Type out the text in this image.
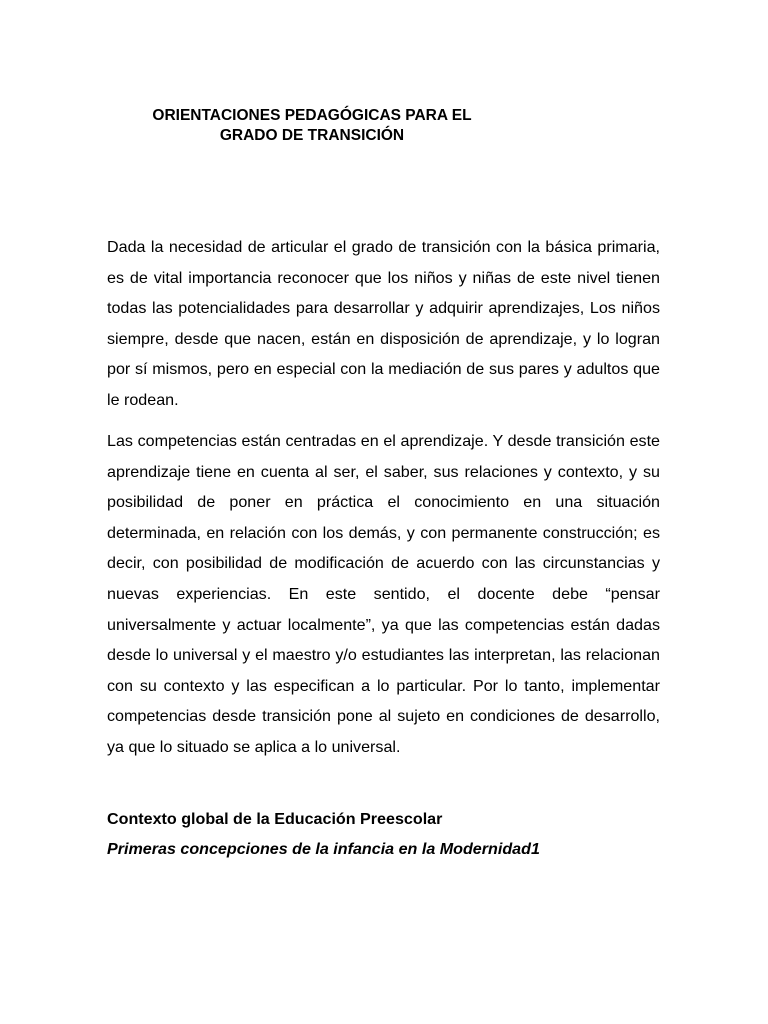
ORIENTACIONES PEDAGÓGICAS PARA EL
GRADO DE TRANSICIÓN

Dada la necesidad de articular el grado de transición con la básica primaria, es de vital importancia reconocer que los niños y niñas de este nivel tienen todas las potencialidades para desarrollar y adquirir aprendizajes, Los niños siempre, desde que nacen, están en disposición de aprendizaje, y lo logran por sí mismos, pero en especial con la mediación de sus pares y adultos que le rodean.

Las competencias están centradas en el aprendizaje. Y desde transición este aprendizaje tiene en cuenta al ser, el saber, sus relaciones y contexto, y su posibilidad de poner en práctica el conocimiento en una situación determinada, en relación con los demás, y con permanente construcción; es decir, con posibilidad de modificación de acuerdo con las circunstancias y nuevas experiencias. En este sentido, el docente debe “pensar universalmente y actuar localmente”, ya que las competencias están dadas desde lo universal y el maestro y/o estudiantes las interpretan, las relacionan con su contexto y las especifican a lo particular. Por lo tanto, implementar competencias desde transición pone al sujeto en condiciones de desarrollo, ya que lo situado se aplica a lo universal.

Contexto global de la Educación Preescolar
Primeras concepciones de la infancia en la Modernidad1
